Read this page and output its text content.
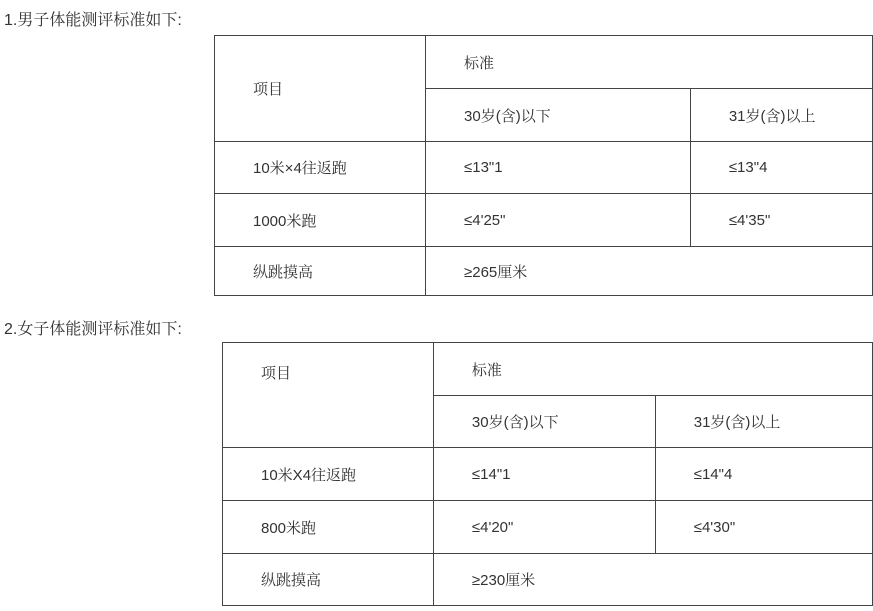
1.男子体能测评标准如下:

项目	标准	
	30岁(含)以下	31岁(含)以上
10米×4往返跑	≤13"1	≤13"4
1000米跑	≤4'25"	≤4'35"
纵跳摸高	≥265厘米	

2.女子体能测评标准如下:

项目	标准	
	30岁(含)以下	31岁(含)以上
10米X4往返跑	≤14"1	≤14"4
800米跑	≤4'20"	≤4'30"
纵跳摸高	≥230厘米	
